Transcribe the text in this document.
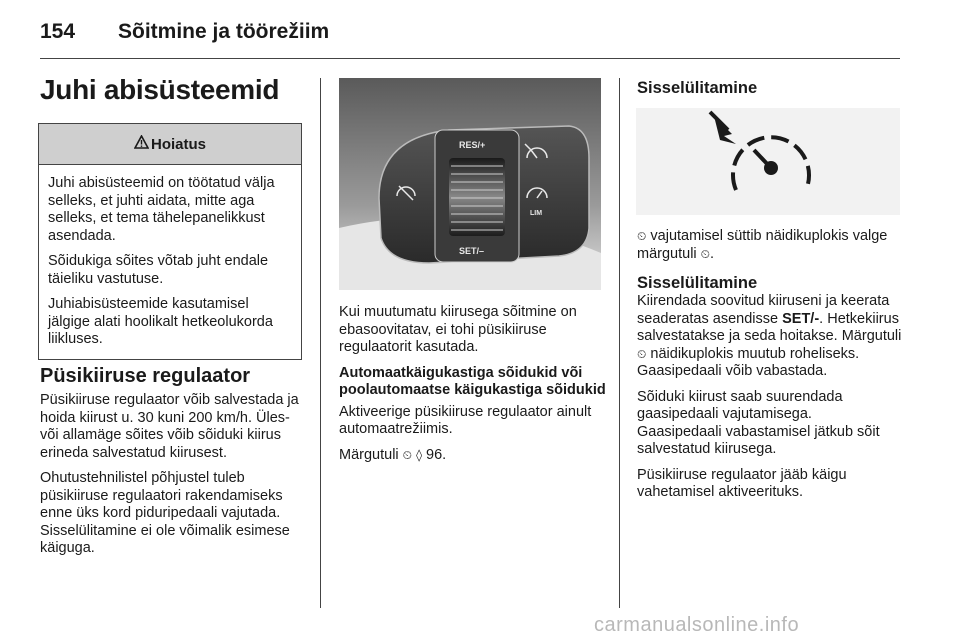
154 Sõitmine ja töörežiim
Juhi abisüsteemid
Hoiatus

Juhi abisüsteemid on töötatud välja selleks, et juhti aidata, mitte aga selleks, et tema tähelepanelikkust asendada.

Sõidukiga sõites võtab juht endale täieliku vastutuse.

Juhiabisüsteemide kasutamisel jälgige alati hoolikalt hetkeolukorda liikluses.

Püsikiiruse regulaator

Püsikiiruse regulaator võib salvestada ja hoida kiirust u. 30 kuni 200 km/h. Üles- või allamäge sõites võib sõiduki kiirus erineda salvestatud kiirusest.

Ohutustehnilistel põhjustel tuleb püsikiiruse regulaatori rakendamiseks enne üks kord piduripedaali vajutada.

Sisselülitamine ei ole võimalik esimese käiguga.

RES/+
SET/–
LIM

Kui muutumatu kiirusega sõitmine on ebasoovitatav, ei tohi püsikiiruse regulaatorit kasutada.

Automaatkäigukastiga sõidukid või poolautomaatse käigukastiga sõidukid

Aktiveerige püsikiiruse regulaator ainult automaatrežiimis.

Märgutuli ⏲ ◊ 96.

Sisselülitamine

⏲ vajutamisel süttib näidikuplokis valge märgutuli ⏲.

Sisselülitamine

Kiirendada soovitud kiiruseni ja keerata seaderatas asendisse SET/-. Hetkekiirus salvestatakse ja seda hoitakse. Märgutuli ⏲ näidikuplokis muutub roheliseks. Gaasipedaali võib vabastada.

Sõiduki kiirust saab suurendada gaasipedaali vajutamisega.

Gaasipedaali vabastamisel jätkub sõit salvestatud kiirusega.

Püsikiiruse regulaator jääb käigu vahetamisel aktiveerituks.

carmanualsonline.info
